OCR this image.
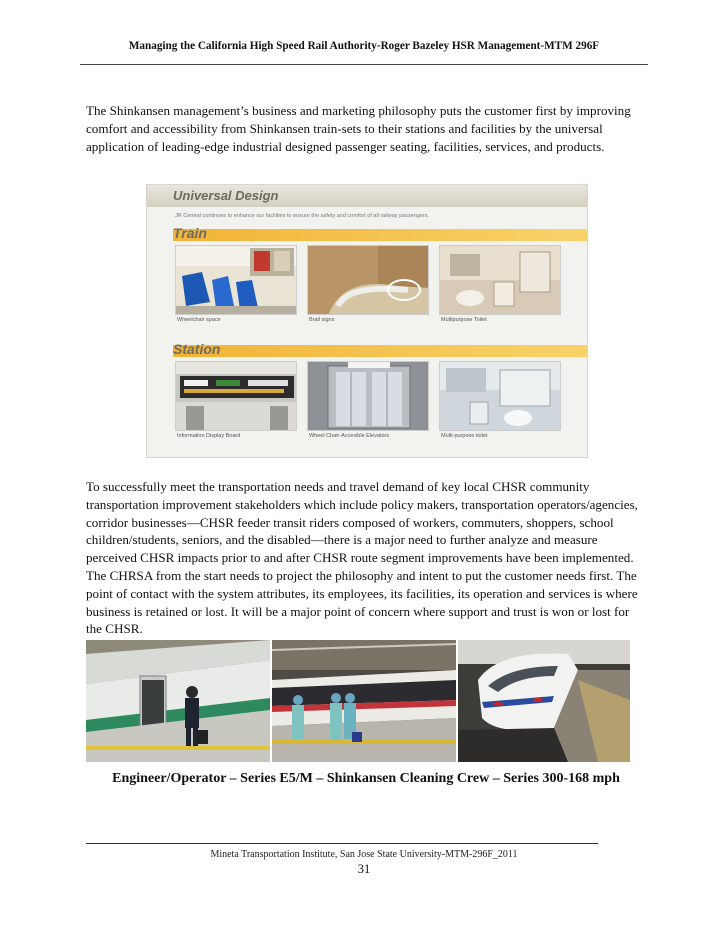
Managing the California High Speed Rail Authority-Roger Bazeley HSR Management-MTM 296F

The Shinkansen management’s business and marketing philosophy puts the customer first by improving comfort and accessibility from Shinkansen train-sets to their stations and facilities by the universal application of leading-edge industrial designed passenger seating, facilities, services, and products.

Universal Design
JR Central continues to enhance our facilities to ensure the safety and comfort of all railway passengers.
Train
Wheelchair space	Brail signs	Multipurpose Toilet
Station
Information Display Board	Wheel Chair-Accesible Elevators	Multi-purpose toilet

To successfully meet the transportation needs and travel demand of key local CHSR community transportation improvement stakeholders which include policy makers, transportation operators/agencies, corridor businesses—CHSR feeder transit riders composed of workers, commuters, shoppers, school children/students, seniors, and the disabled—there is a major need to further analyze and measure perceived CHSR impacts prior to and after CHSR route segment improvements have been implemented. The CHRSA from the start needs to project the philosophy and intent to put the customer needs first. The point of contact with the system attributes, its employees, its facilities, its operation and services is where business is retained or lost. It will be a major point of concern where support and trust is won or lost for the CHSR.

Engineer/Operator – Series E5/M – Shinkansen Cleaning Crew – Series 300-168 mph
Mineta Transportation Institute, San Jose State University-MTM-296F_2011
31
